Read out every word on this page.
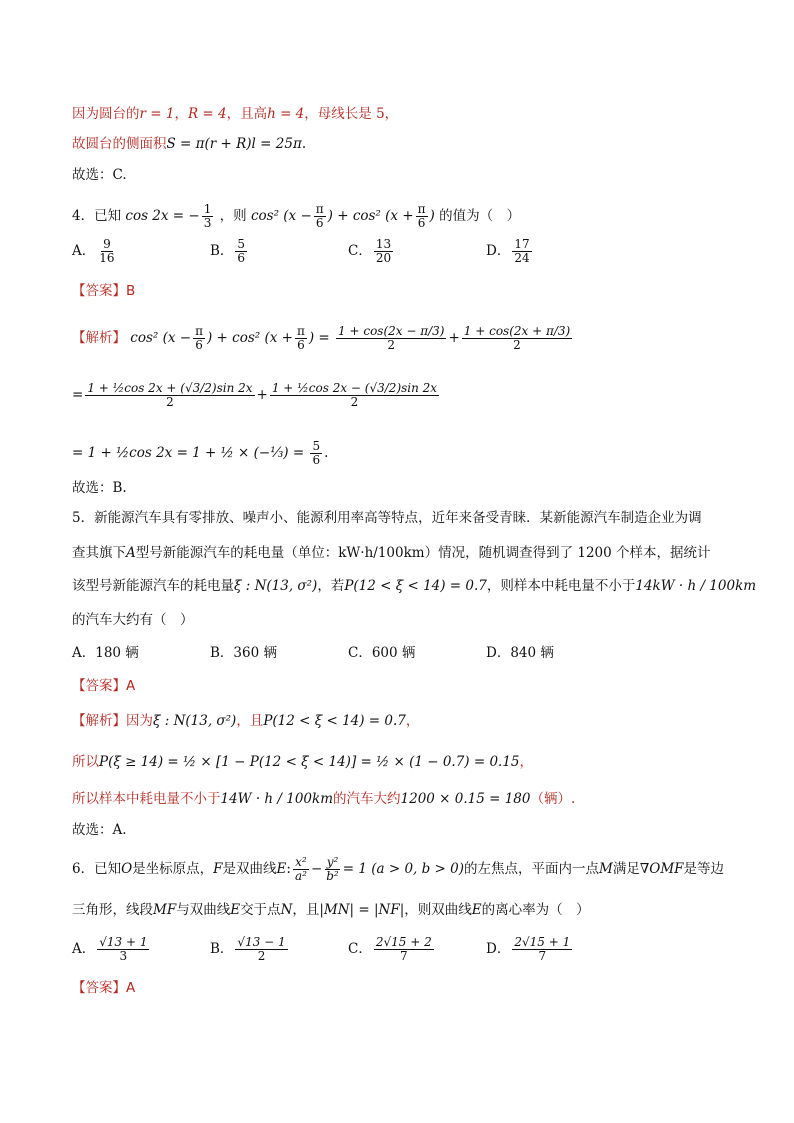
因为圆台的r = 1，R = 4，且高h = 4，母线长是 5，
故圆台的侧面积S = π(r + R)l = 25π.
故选：C.
4．已知 cos 2x = − $\frac{1}{3}$ ，则 cos² ($x - \frac{\pi}{6}$ ) + cos² ($x + \frac{\pi}{6}$ ) 的值为（　）
A． $\frac{9}{16}$	B． $\frac{5}{6}$	C． $\frac{13}{20}$	D． $\frac{17}{24}$
【答案】B
【解析】 cos² ($x - \frac{\pi}{6}$ ) + cos² ($x + \frac{\pi}{6}$ ) = $\frac{1 + \cos(2x - \pi/3)}{2} + \frac{1 + \cos(2x + \pi/3)}{2}$
= $\frac{\text{1 + ½cos 2x + (√3/2)sin 2x}}{2} + \frac{\text{1 + ½cos 2x − (√3/2)sin 2x}}{2}$
= 1 + ½cos 2x = 1 + ½ × (−⅓) = $\frac{5}{6}$ .
故选：B.
5．新能源汽车具有零排放、噪声小、能源利用率高等特点，近年来备受青睐．某新能源汽车制造企业为调
查其旗下A型号新能源汽车的耗电量（单位：kW·h/100km）情况，随机调查得到了 1200 个样本，据统计
该型号新能源汽车的耗电量ξ : N(13, σ²)，若P(12 < ξ < 14) = 0.7，则样本中耗电量不小于14kW · h / 100km
的汽车大约有（　）
A．180 辆	B．360 辆	C．600 辆	D．840 辆
【答案】A
【解析】因为ξ : N(13, σ²)，且P(12 < ξ < 14) = 0.7，
所以P(ξ ≥ 14) = ½ × [1 − P(12 < ξ < 14)] = ½ × (1 − 0.7) = 0.15，
所以样本中耗电量不小于14W · h / 100km的汽车大约1200 × 0.15 = 180（辆）.
故选：A.
6．已知O是坐标原点，F是双曲线E: $\frac{\text{x²}}{\text{a²}} - \frac{\text{y²}}{\text{b²}} = 1$ (a > 0, b > 0)的左焦点，平面内一点M满足∇OMF是等边
三角形，线段MF与双曲线E交于点N，且|MN| = |NF|，则双曲线E的离心率为（　）
A． $\frac{√13 + 1}{3}$	B． $\frac{√13 - 1}{2}$	C． $\frac{2√15 + 2}{7}$	D． $\frac{2√15 + 1}{7}$
【答案】A
